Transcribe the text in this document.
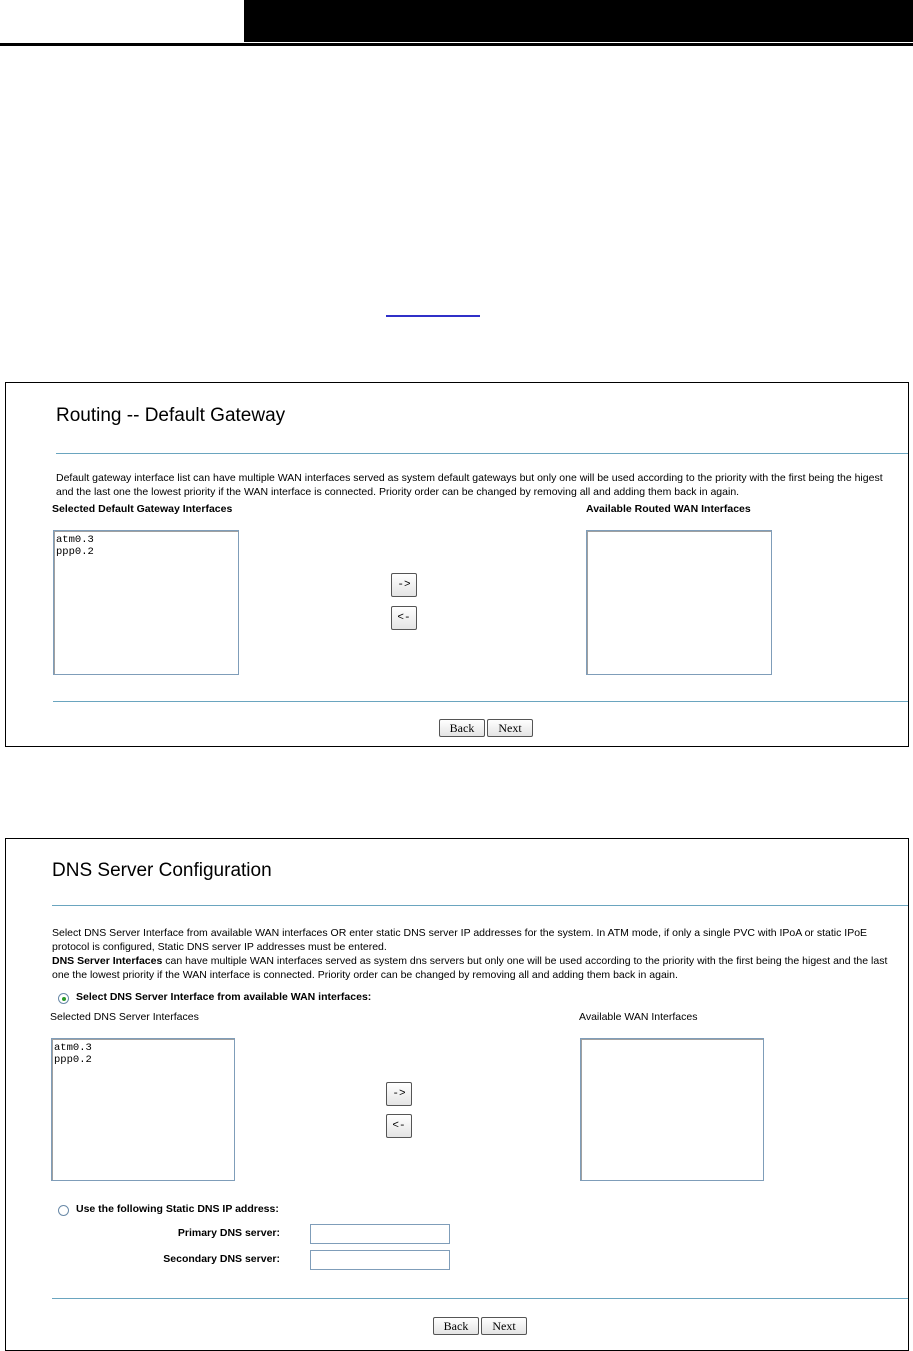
Routing -- Default Gateway
Default gateway interface list can have multiple WAN interfaces served as system default gateways but only one will be used according to the priority with the first being the higest and the last one the lowest priority if the WAN interface is connected. Priority order can be changed by removing all and adding them back in again.
Selected Default Gateway Interfaces	Available Routed WAN Interfaces
atm0.3
ppp0.2
->
<-
Back	Next
DNS Server Configuration
Select DNS Server Interface from available WAN interfaces OR enter static DNS server IP addresses for the system. In ATM mode, if only a single PVC with IPoA or static IPoE protocol is configured, Static DNS server IP addresses must be entered.
DNS Server Interfaces can have multiple WAN interfaces served as system dns servers but only one will be used according to the priority with the first being the higest and the last one the lowest priority if the WAN interface is connected. Priority order can be changed by removing all and adding them back in again.
Select DNS Server Interface from available WAN interfaces:
Selected DNS Server Interfaces	Available WAN Interfaces
atm0.3
ppp0.2
->
<-
Use the following Static DNS IP address:
Primary DNS server:
Secondary DNS server:
Back	Next
